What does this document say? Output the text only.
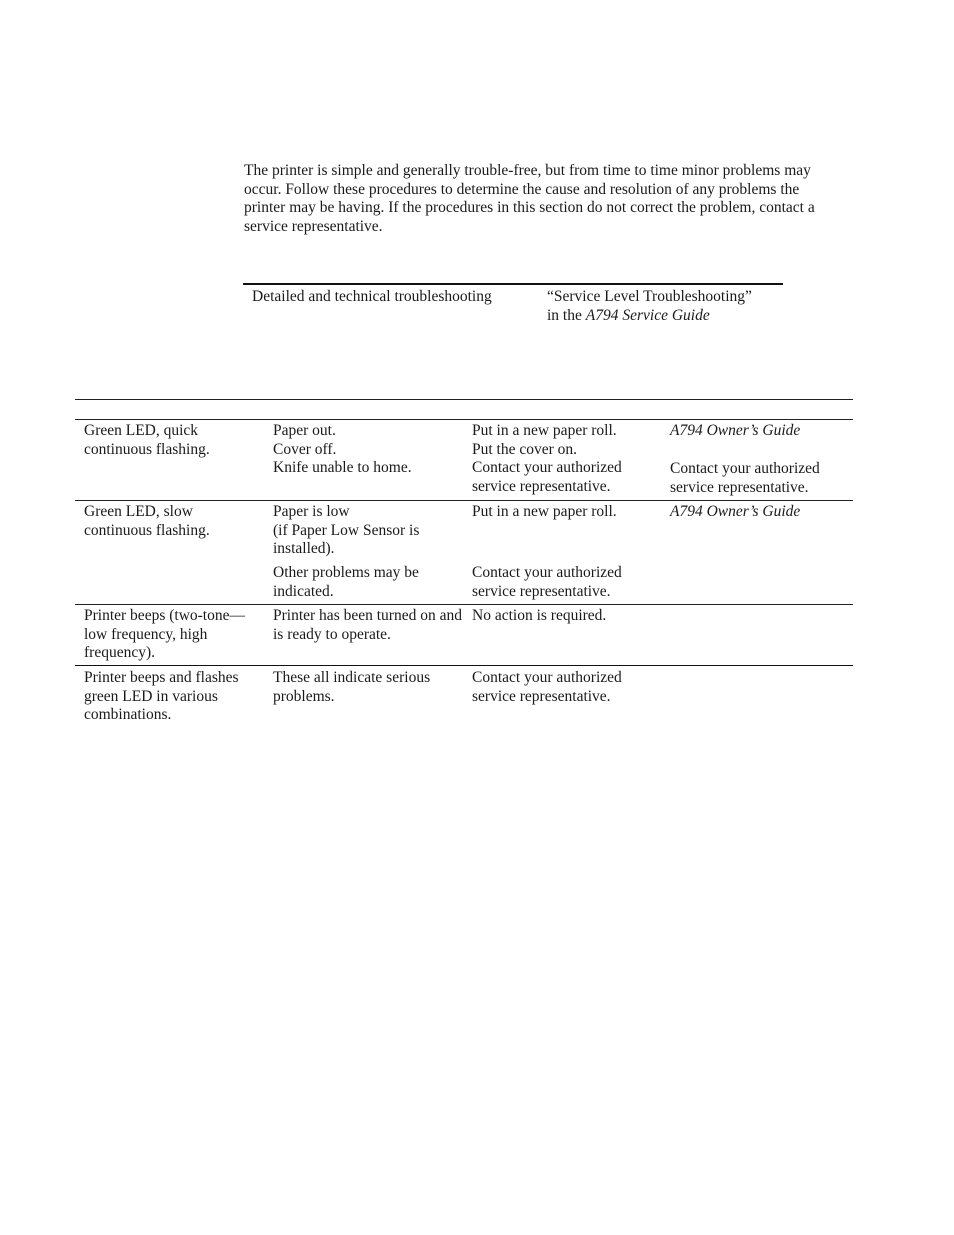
The printer is simple and generally trouble-free, but from time to time minor problems may occur. Follow these procedures to determine the cause and resolution of any problems the printer may be having. If the procedures in this section do not correct the problem, contact a service representative.

Detailed and technical troubleshooting	“Service Level Troubleshooting”
in the A794 Service Guide
Green LED, quick continuous flashing.
Paper out.
Cover off.
Knife unable to home.
Put in a new paper roll.
Put the cover on.
Contact your authorized service representative.
A794 Owner’s Guide
Contact your authorized service representative.
Green LED, slow continuous flashing.
Paper is low
(if Paper Low Sensor is installed).
Put in a new paper roll.	A794 Owner’s Guide
Other problems may be indicated.
Contact your authorized service representative.
Printer beeps (two-tone—low frequency, high frequency).
Printer has been turned on and is ready to operate.
No action is required.
Printer beeps and flashes green LED in various combinations.
These all indicate serious problems.
Contact your authorized service representative.
